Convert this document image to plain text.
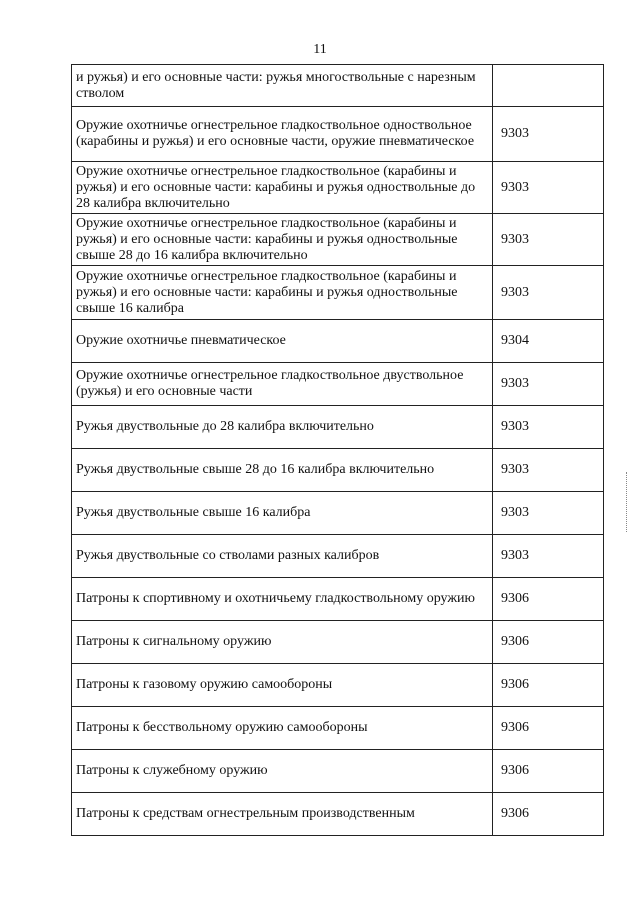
11
и ружья) и его основные части: ружья многоствольные с нарезным стволом	
Оружие охотничье огнестрельное гладкоствольное одноствольное (карабины и ружья) и его основные части, оружие пневматическое	9303
Оружие охотничье огнестрельное гладкоствольное (карабины и ружья) и его основные части: карабины и ружья одноствольные до 28 калибра включительно	9303
Оружие охотничье огнестрельное гладкоствольное (карабины и ружья) и его основные части: карабины и ружья одноствольные свыше 28 до 16 калибра включительно	9303
Оружие охотничье огнестрельное гладкоствольное (карабины и ружья) и его основные части: карабины и ружья одноствольные свыше 16 калибра	9303
Оружие охотничье пневматическое	9304
Оружие охотничье огнестрельное гладкоствольное двуствольное (ружья) и его основные части	9303
Ружья двуствольные до 28 калибра включительно	9303
Ружья двуствольные свыше 28 до 16 калибра включительно	9303
Ружья двуствольные свыше 16 калибра	9303
Ружья двуствольные со стволами разных калибров	9303
Патроны к спортивному и охотничьему гладкоствольному оружию	9306
Патроны к сигнальному оружию	9306
Патроны к газовому оружию самообороны	9306
Патроны к бесствольному оружию самообороны	9306
Патроны к служебному оружию	9306
Патроны к средствам огнестрельным производственным	9306
